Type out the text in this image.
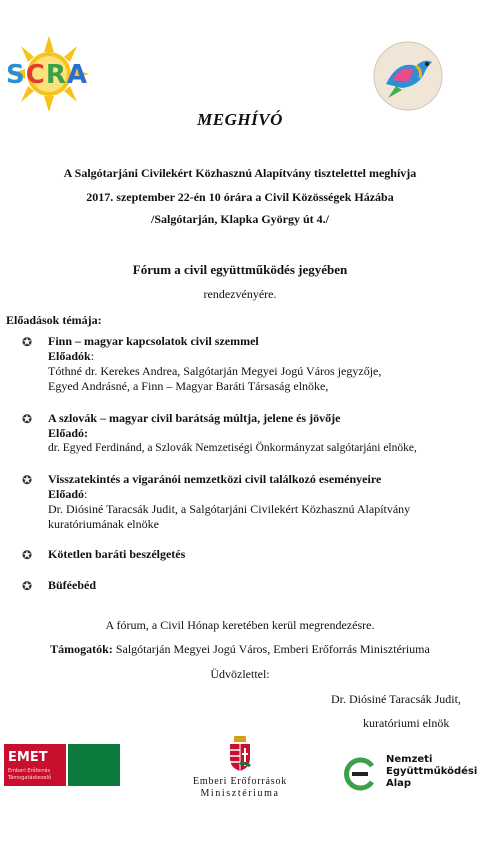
SCRA
MEGHÍVÓ
A Salgótarjáni Civilekért Közhasznú Alapítvány tisztelettel meghívja
2017. szeptember 22-én 10 órára a Civil Közösségek Házába
/Salgótarján, Klapka György út 4./
Fórum a civil együttműködés jegyében
rendezvényére.
Előadások témája:
✪ Finn – magyar kapcsolatok civil szemmel
Előadók:
Tóthné dr. Kerekes Andrea, Salgótarján Megyei Jogú Város jegyzője,
Egyed Andrásné, a Finn – Magyar Baráti Társaság elnöke,
✪ A szlovák – magyar civil barátság múltja, jelene és jövője
Előadó:
dr. Egyed Ferdinánd, a Szlovák Nemzetiségi Önkormányzat salgótarjáni elnöke,
✪ Visszatekintés a vigaránói nemzetközi civil találkozó eseményeire
Előadó:
Dr. Diósiné Taracsák Judit, a Salgótarjáni Civilekért Közhasznú Alapítvány
kuratóriumának elnöke
✪ Kötetlen baráti beszélgetés
✪ Büféebéd
A fórum, a Civil Hónap keretében kerül megrendezésre.
Támogatók: Salgótarján Megyei Jogú Város, Emberi Erőforrás Minisztériuma
Üdvözlettel:
Dr. Diósiné Taracsák Judit,
kuratóriumi elnök
EMET
Emberi Erőforrás
Támogatáskezelő	Emberi Erőforrások
Minisztériuma
Nemzeti
Együttműködési
Alap
